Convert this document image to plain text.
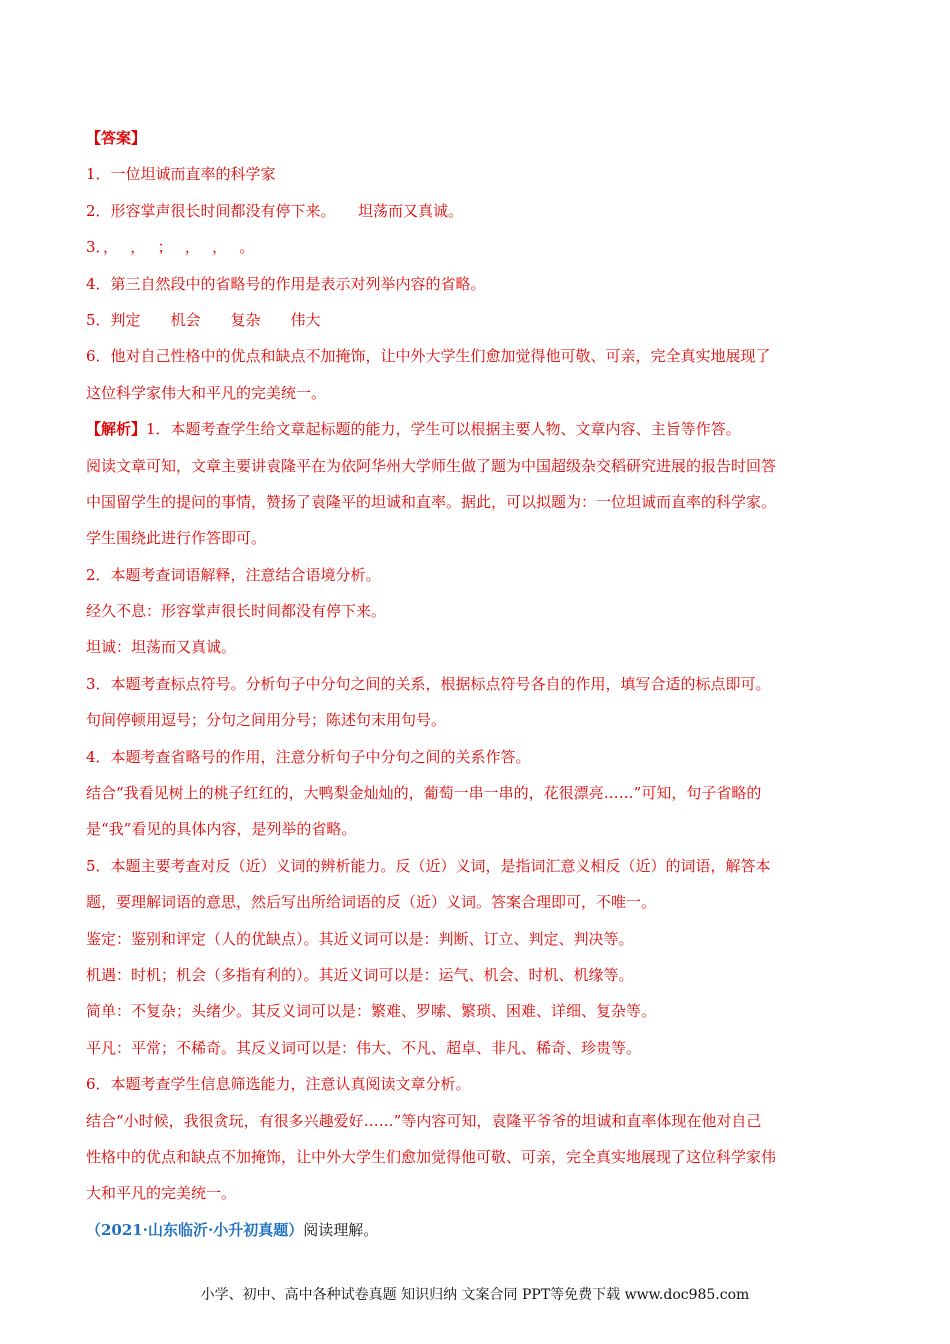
【答案】
1．一位坦诚而直率的科学家
2．形容掌声很长时间都没有停下来。　　坦荡而又真诚。
3．，　 ，　 ；　 ，　 ，　 。
4．第三自然段中的省略号的作用是表示对列举内容的省略。
5．判定　　机会　　复杂　　伟大
6．他对自己性格中的优点和缺点不加掩饰，让中外大学生们愈加觉得他可敬、可亲，完全真实地展现了
这位科学家伟大和平凡的完美统一。
【解析】1．本题考查学生给文章起标题的能力，学生可以根据主要人物、文章内容、主旨等作答。
阅读文章可知，文章主要讲袁隆平在为依阿华州大学师生做了题为中国超级杂交稻研究进展的报告时回答
中国留学生的提问的事情，赞扬了袁隆平的坦诚和直率。据此，可以拟题为：一位坦诚而直率的科学家。
学生围绕此进行作答即可。
2．本题考查词语解释，注意结合语境分析。
经久不息：形容掌声很长时间都没有停下来。
坦诚：坦荡而又真诚。
3．本题考查标点符号。分析句子中分句之间的关系，根据标点符号各自的作用，填写合适的标点即可。
句间停顿用逗号；分句之间用分号；陈述句末用句号。
4．本题考查省略号的作用，注意分析句子中分句之间的关系作答。
结合“我看见树上的桃子红红的，大鸭梨金灿灿的，葡萄一串一串的，花很漂亮……”可知，句子省略的
是“我”看见的具体内容，是列举的省略。
5．本题主要考查对反（近）义词的辨析能力。反（近）义词，是指词汇意义相反（近）的词语，解答本
题，要理解词语的意思，然后写出所给词语的反（近）义词。答案合理即可，不唯一。
鉴定：鉴别和评定（人的优缺点）。其近义词可以是：判断、订立、判定、判决等。
机遇：时机；机会（多指有利的）。其近义词可以是：运气、机会、时机、机缘等。
简单：不复杂；头绪少。其反义词可以是：繁难、罗嗦、繁琐、困难、详细、复杂等。
平凡：平常；不稀奇。其反义词可以是：伟大、不凡、超卓、非凡、稀奇、珍贵等。
6．本题考查学生信息筛选能力，注意认真阅读文章分析。
结合“小时候，我很贪玩，有很多兴趣爱好……”等内容可知，袁隆平爷爷的坦诚和直率体现在他对自己
性格中的优点和缺点不加掩饰，让中外大学生们愈加觉得他可敬、可亲，完全真实地展现了这位科学家伟
大和平凡的完美统一。
（2021·山东临沂·小升初真题）阅读理解。
小学、初中、高中各种试卷真题 知识归纳 文案合同 PPT等免费下载 www.doc985.com
